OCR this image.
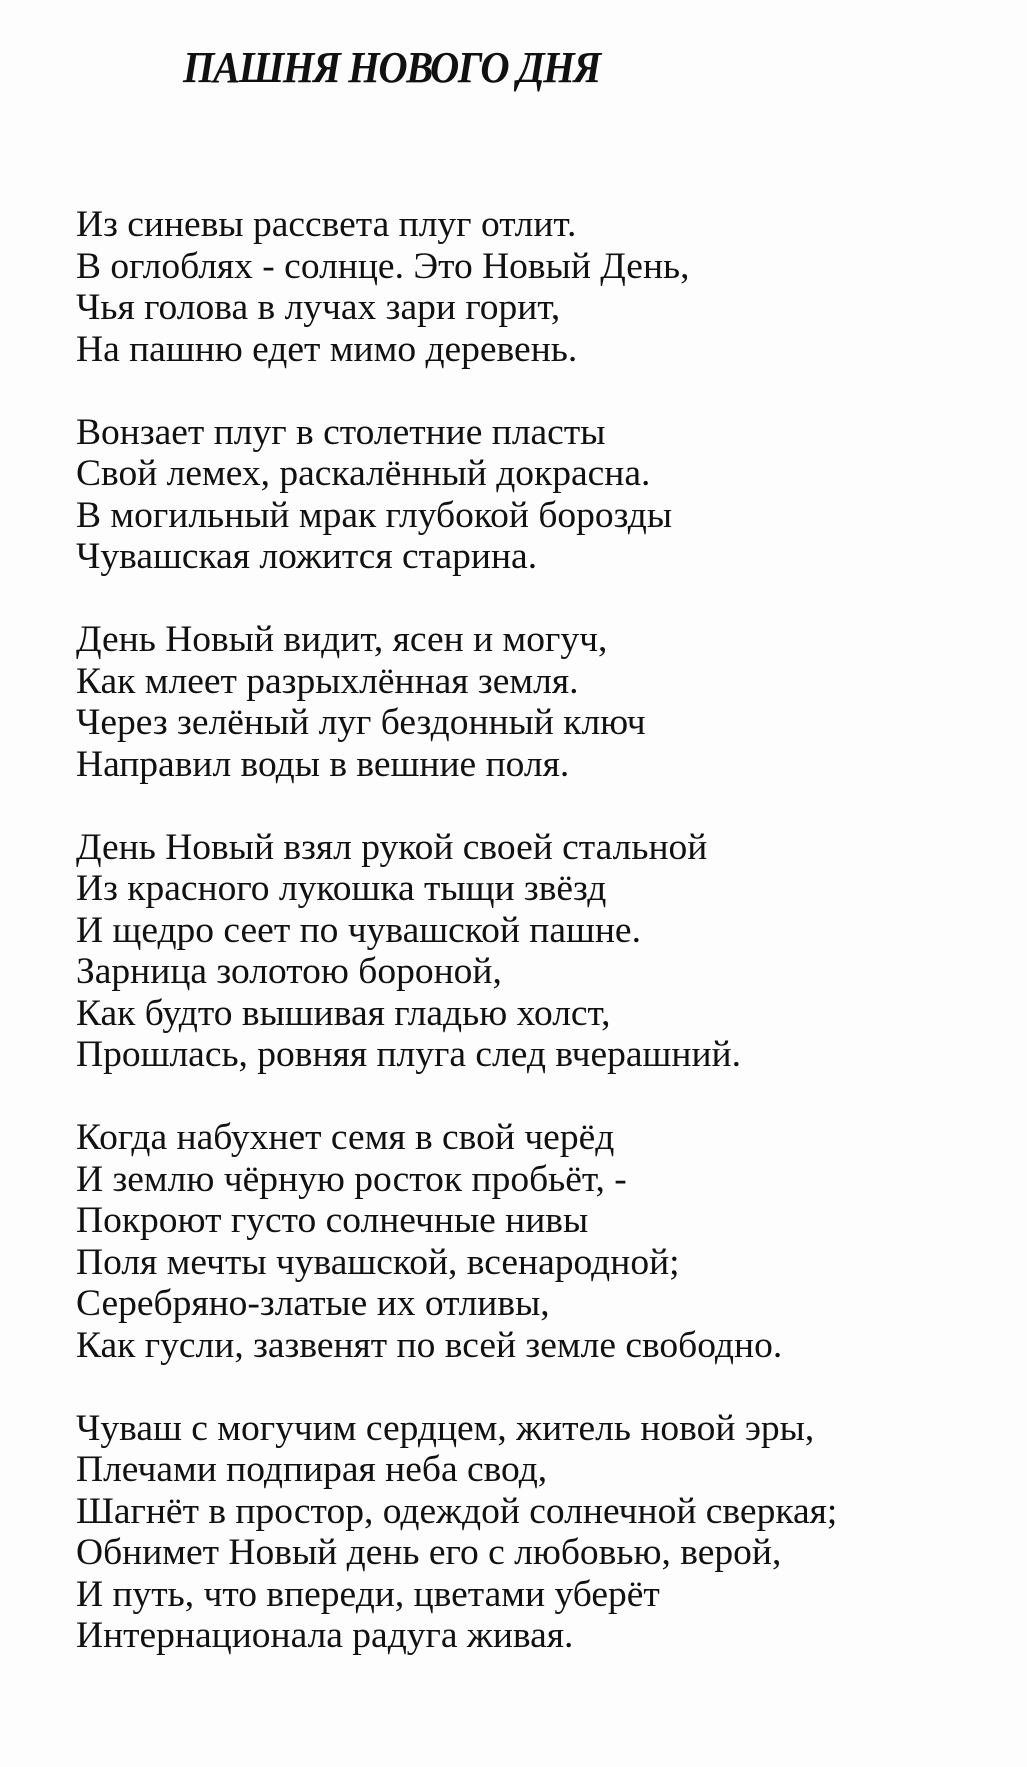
ПАШНЯ НОВОГО ДНЯ
Из синевы рассвета плуг отлит.
В оглоблях - солнце. Это Новый День,
Чья голова в лучах зари горит,
На пашню едет мимо деревень.
Вонзает плуг в столетние пласты
Свой лемех, раскалённый докрасна.
В могильный мрак глубокой борозды
Чувашская ложится старина.
День Новый видит, ясен и могуч,
Как млеет разрыхлённая земля.
Через зелёный луг бездонный ключ
Направил воды в вешние поля.
День Новый взял рукой своей стальной
Из красного лукошка тыщи звёзд
И щедро сеет по чувашской пашне.
Зарница золотою бороной,
Как будто вышивая гладью холст,
Прошлась, ровняя плуга след вчерашний.
Когда набухнет семя в свой черёд
И землю чёрную росток пробьёт, -
Покроют густо солнечные нивы
Поля мечты чувашской, всенародной;
Серебряно-златые их отливы,
Как гусли, зазвенят по всей земле свободно.
Чуваш с могучим сердцем, житель новой эры,
Плечами подпирая неба свод,
Шагнёт в простор, одеждой солнечной сверкая;
Обнимет Новый день его с любовью, верой,
И путь, что впереди, цветами уберёт
Интернационала радуга живая.
